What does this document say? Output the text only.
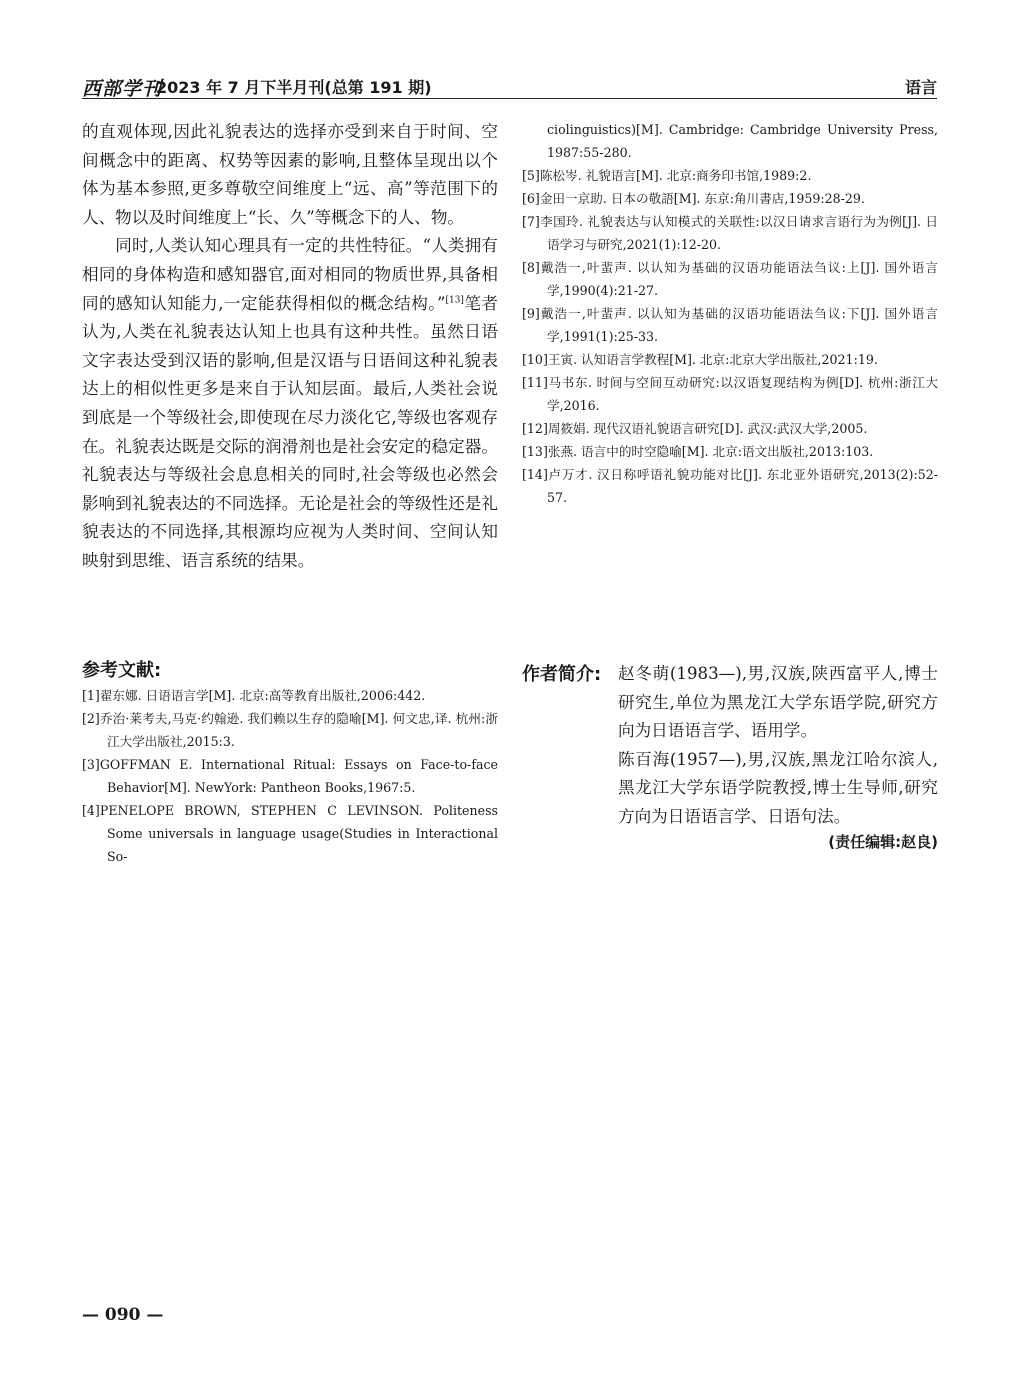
西部学刊
2023 年 7 月下半月刊(总第 191 期)	语言

的直观体现,因此礼貌表达的选择亦受到来自于时间、空间概念中的距离、权势等因素的影响,且整体呈现出以个体为基本参照,更多尊敬空间维度上“远、高”等范围下的人、物以及时间维度上“长、久”等概念下的人、物。

同时,人类认知心理具有一定的共性特征。“人类拥有相同的身体构造和感知器官,面对相同的物质世界,具备相同的感知认知能力,一定能获得相似的概念结构。”[13]笔者认为,人类在礼貌表达认知上也具有这种共性。虽然日语文字表达受到汉语的影响,但是汉语与日语间这种礼貌表达上的相似性更多是来自于认知层面。最后,人类社会说到底是一个等级社会,即使现在尽力淡化它,等级也客观存在。礼貌表达既是交际的润滑剂也是社会安定的稳定器。礼貌表达与等级社会息息相关的同时,社会等级也必然会影响到礼貌表达的不同选择。无论是社会的等级性还是礼貌表达的不同选择,其根源均应视为人类时间、空间认知映射到思维、语言系统的结果。

参考文献:

[1]翟东娜. 日语语言学[M]. 北京:高等教育出版社,2006:442.

[2]乔治·莱考夫,马克·约翰逊. 我们赖以生存的隐喻[M]. 何文忠,译. 杭州:浙江大学出版社,2015:3.

[3]GOFFMAN E. International Ritual: Essays on Face-to-face Behavior[M]. NewYork: Pantheon Books,1967:5.

[4]PENELOPE BROWN, STEPHEN C LEVINSON. Politeness Some universals in language usage(Studies in Interactional So-

ciolinguistics)[M]. Cambridge: Cambridge University Press, 1987:55-280.

[5]陈松岑. 礼貌语言[M]. 北京:商务印书馆,1989:2.

[6]金田一京助. 日本の敬語[M]. 东京:角川書店,1959:28-29.

[7]李国玲. 礼貌表达与认知模式的关联性:以汉日请求言语行为为例[J]. 日语学习与研究,2021(1):12-20.

[8]戴浩一,叶蜚声. 以认知为基础的汉语功能语法刍议:上[J]. 国外语言学,1990(4):21-27.

[9]戴浩一,叶蜚声. 以认知为基础的汉语功能语法刍议:下[J]. 国外语言学,1991(1):25-33.

[10]王寅. 认知语言学教程[M]. 北京:北京大学出版社,2021:19.

[11]马书东. 时间与空间互动研究:以汉语复现结构为例[D]. 杭州:浙江大学,2016.

[12]周筱娟. 现代汉语礼貌语言研究[D]. 武汉:武汉大学,2005.

[13]张燕. 语言中的时空隐喻[M]. 北京:语文出版社,2013:103.

[14]卢万才. 汉日称呼语礼貌功能对比[J]. 东北亚外语研究,2013(2):52-57.

作者简介: 赵冬萌(1983—),男,汉族,陕西富平人,博士研究生,单位为黑龙江大学东语学院,研究方向为日语语言学、语用学。

陈百海(1957—),男,汉族,黑龙江哈尔滨人,黑龙江大学东语学院教授,博士生导师,研究方向为日语语言学、日语句法。

(责任编辑:赵良)
— 090 —
